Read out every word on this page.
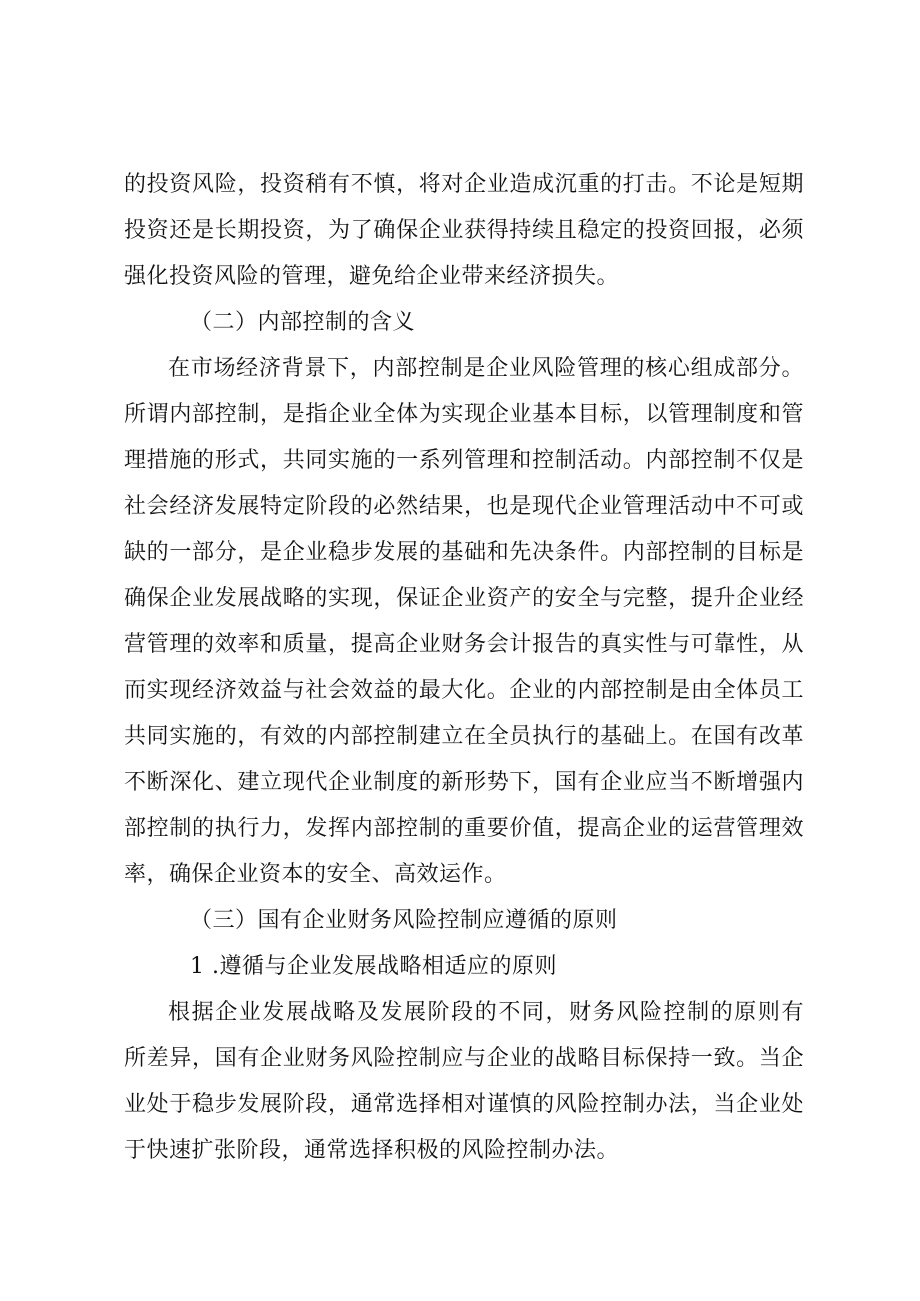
的投资风险，投资稍有不慎，将对企业造成沉重的打击。不论是短期
投资还是长期投资，为了确保企业获得持续且稳定的投资回报，必须
强化投资风险的管理，避免给企业带来经济损失。
（二）内部控制的含义
在市场经济背景下，内部控制是企业风险管理的核心组成部分。
所谓内部控制，是指企业全体为实现企业基本目标，以管理制度和管
理措施的形式，共同实施的一系列管理和控制活动。内部控制不仅是
社会经济发展特定阶段的必然结果，也是现代企业管理活动中不可或
缺的一部分，是企业稳步发展的基础和先决条件。内部控制的目标是
确保企业发展战略的实现，保证企业资产的安全与完整，提升企业经
营管理的效率和质量，提高企业财务会计报告的真实性与可靠性，从
而实现经济效益与社会效益的最大化。企业的内部控制是由全体员工
共同实施的，有效的内部控制建立在全员执行的基础上。在国有改革
不断深化、建立现代企业制度的新形势下，国有企业应当不断增强内
部控制的执行力，发挥内部控制的重要价值，提高企业的运营管理效
率，确保企业资本的安全、高效运作。
（三）国有企业财务风险控制应遵循的原则
1 .遵循与企业发展战略相适应的原则
根据企业发展战略及发展阶段的不同，财务风险控制的原则有
所差异，国有企业财务风险控制应与企业的战略目标保持一致。当企
业处于稳步发展阶段，通常选择相对谨慎的风险控制办法，当企业处
于快速扩张阶段，通常选择积极的风险控制办法。
